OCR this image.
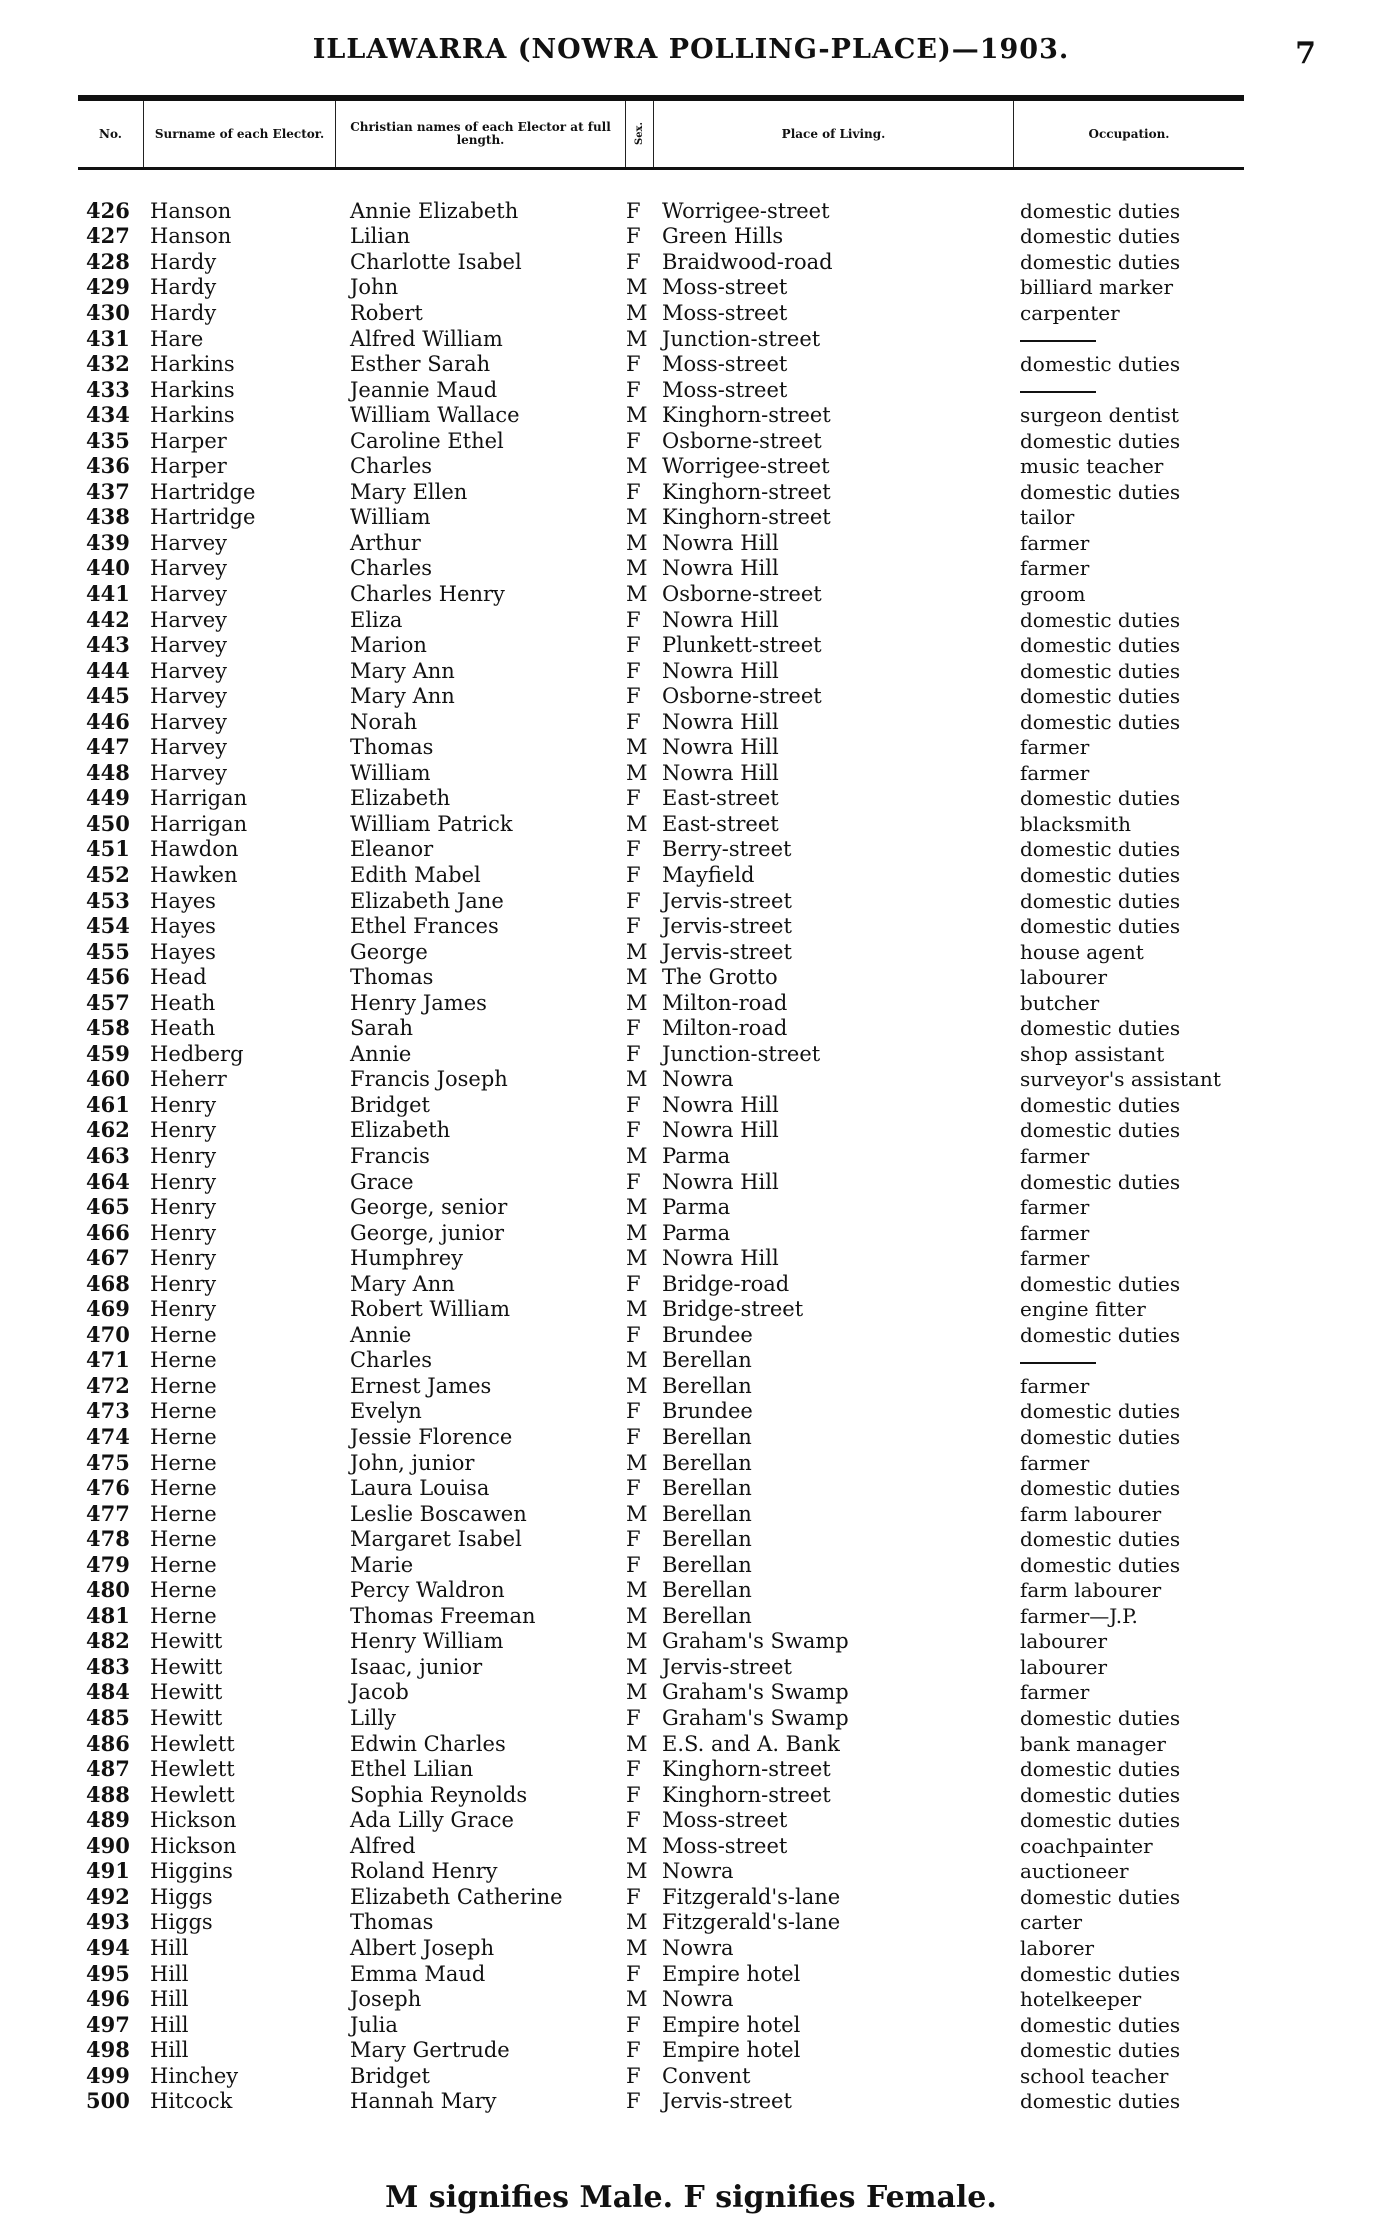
ILLAWARRA (NOWRA POLLING-PLACE)—1903.	7
No.	Surname of each Elector.	Christian names of each Elector at full length.	Sex.	Place of Living.	Occupation.
426 Hanson	Annie Elizabeth	F	Worrigee-street	domestic duties
427 Hanson	Lilian	F	Green Hills	domestic duties
428 Hardy	Charlotte Isabel	F	Braidwood-road	domestic duties
429 Hardy	John	M Moss-street	billiard marker
430 Hardy	Robert	M Moss-street	carpenter
431 Hare	Alfred William	M Junction-street
432 Harkins	Esther Sarah	F	Moss-street	domestic duties
433 Harkins	Jeannie Maud	F	Moss-street
434 Harkins	William Wallace	M Kinghorn-street	surgeon dentist
435 Harper	Caroline Ethel	F	Osborne-street	domestic duties
436 Harper	Charles	M Worrigee-street	music teacher
437 Hartridge	Mary Ellen	F	Kinghorn-street	domestic duties
438 Hartridge	William	M Kinghorn-street	tailor
439 Harvey	Arthur	M Nowra Hill	farmer
440 Harvey	Charles	M Nowra Hill	farmer
441 Harvey	Charles Henry	M Osborne-street	groom
442 Harvey	Eliza	F	Nowra Hill	domestic duties
443 Harvey	Marion	F	Plunkett-street	domestic duties
444 Harvey	Mary Ann	F	Nowra Hill	domestic duties
445 Harvey	Mary Ann	F	Osborne-street	domestic duties
446 Harvey	Norah	F	Nowra Hill	domestic duties
447 Harvey	Thomas	M Nowra Hill	farmer
448 Harvey	William	M Nowra Hill	farmer
449 Harrigan	Elizabeth	F	East-street	domestic duties
450 Harrigan	William Patrick	M East-street	blacksmith
451 Hawdon	Eleanor	F	Berry-street	domestic duties
452 Hawken	Edith Mabel	F	Mayfield	domestic duties
453 Hayes	Elizabeth Jane	F	Jervis-street	domestic duties
454 Hayes	Ethel Frances	F	Jervis-street	domestic duties
455 Hayes	George	M Jervis-street	house agent
456 Head	Thomas	M The Grotto	labourer
457 Heath	Henry James	M Milton-road	butcher
458 Heath	Sarah	F	Milton-road	domestic duties
459 Hedberg	Annie	F	Junction-street	shop assistant
460 Heherr	Francis Joseph	M Nowra	surveyor's assistant
461 Henry	Bridget	F	Nowra Hill	domestic duties
462 Henry	Elizabeth	F	Nowra Hill	domestic duties
463 Henry	Francis	M Parma	farmer
464 Henry	Grace	F	Nowra Hill	domestic duties
465 Henry	George, senior	M Parma	farmer
466 Henry	George, junior	M Parma	farmer
467 Henry	Humphrey	M Nowra Hill	farmer
468 Henry	Mary Ann	F	Bridge-road	domestic duties
469 Henry	Robert William	M Bridge-street	engine fitter
470 Herne	Annie	F	Brundee	domestic duties
471 Herne	Charles	M Berellan
472 Herne	Ernest James	M Berellan	farmer
473 Herne	Evelyn	F	Brundee	domestic duties
474 Herne	Jessie Florence	F	Berellan	domestic duties
475 Herne	John, junior	M Berellan	farmer
476 Herne	Laura Louisa	F	Berellan	domestic duties
477 Herne	Leslie Boscawen	M Berellan	farm labourer
478 Herne	Margaret Isabel	F	Berellan	domestic duties
479 Herne	Marie	F	Berellan	domestic duties
480 Herne	Percy Waldron	M Berellan	farm labourer
481 Herne	Thomas Freeman	M Berellan	farmer—J.P.
482 Hewitt	Henry William	M Graham's Swamp	labourer
483 Hewitt	Isaac, junior	M Jervis-street	labourer
484 Hewitt	Jacob	M Graham's Swamp	farmer
485 Hewitt	Lilly	F	Graham's Swamp	domestic duties
486 Hewlett	Edwin Charles	M E.S. and A. Bank	bank manager
487 Hewlett	Ethel Lilian	F	Kinghorn-street	domestic duties
488 Hewlett	Sophia Reynolds	F	Kinghorn-street	domestic duties
489 Hickson	Ada Lilly Grace	F	Moss-street	domestic duties
490 Hickson	Alfred	M Moss-street	coachpainter
491 Higgins	Roland Henry	M Nowra	auctioneer
492 Higgs	Elizabeth Catherine	F	Fitzgerald's-lane	domestic duties
493 Higgs	Thomas	M Fitzgerald's-lane	carter
494 Hill	Albert Joseph	M Nowra	laborer
495 Hill	Emma Maud	F	Empire hotel	domestic duties
496 Hill	Joseph	M Nowra	hotelkeeper
497 Hill	Julia	F	Empire hotel	domestic duties
498 Hill	Mary Gertrude	F	Empire hotel	domestic duties
499 Hinchey	Bridget	F	Convent	school teacher
500 Hitcock	Hannah Mary	F	Jervis-street	domestic duties
M signifies Male. F signifies Female.
